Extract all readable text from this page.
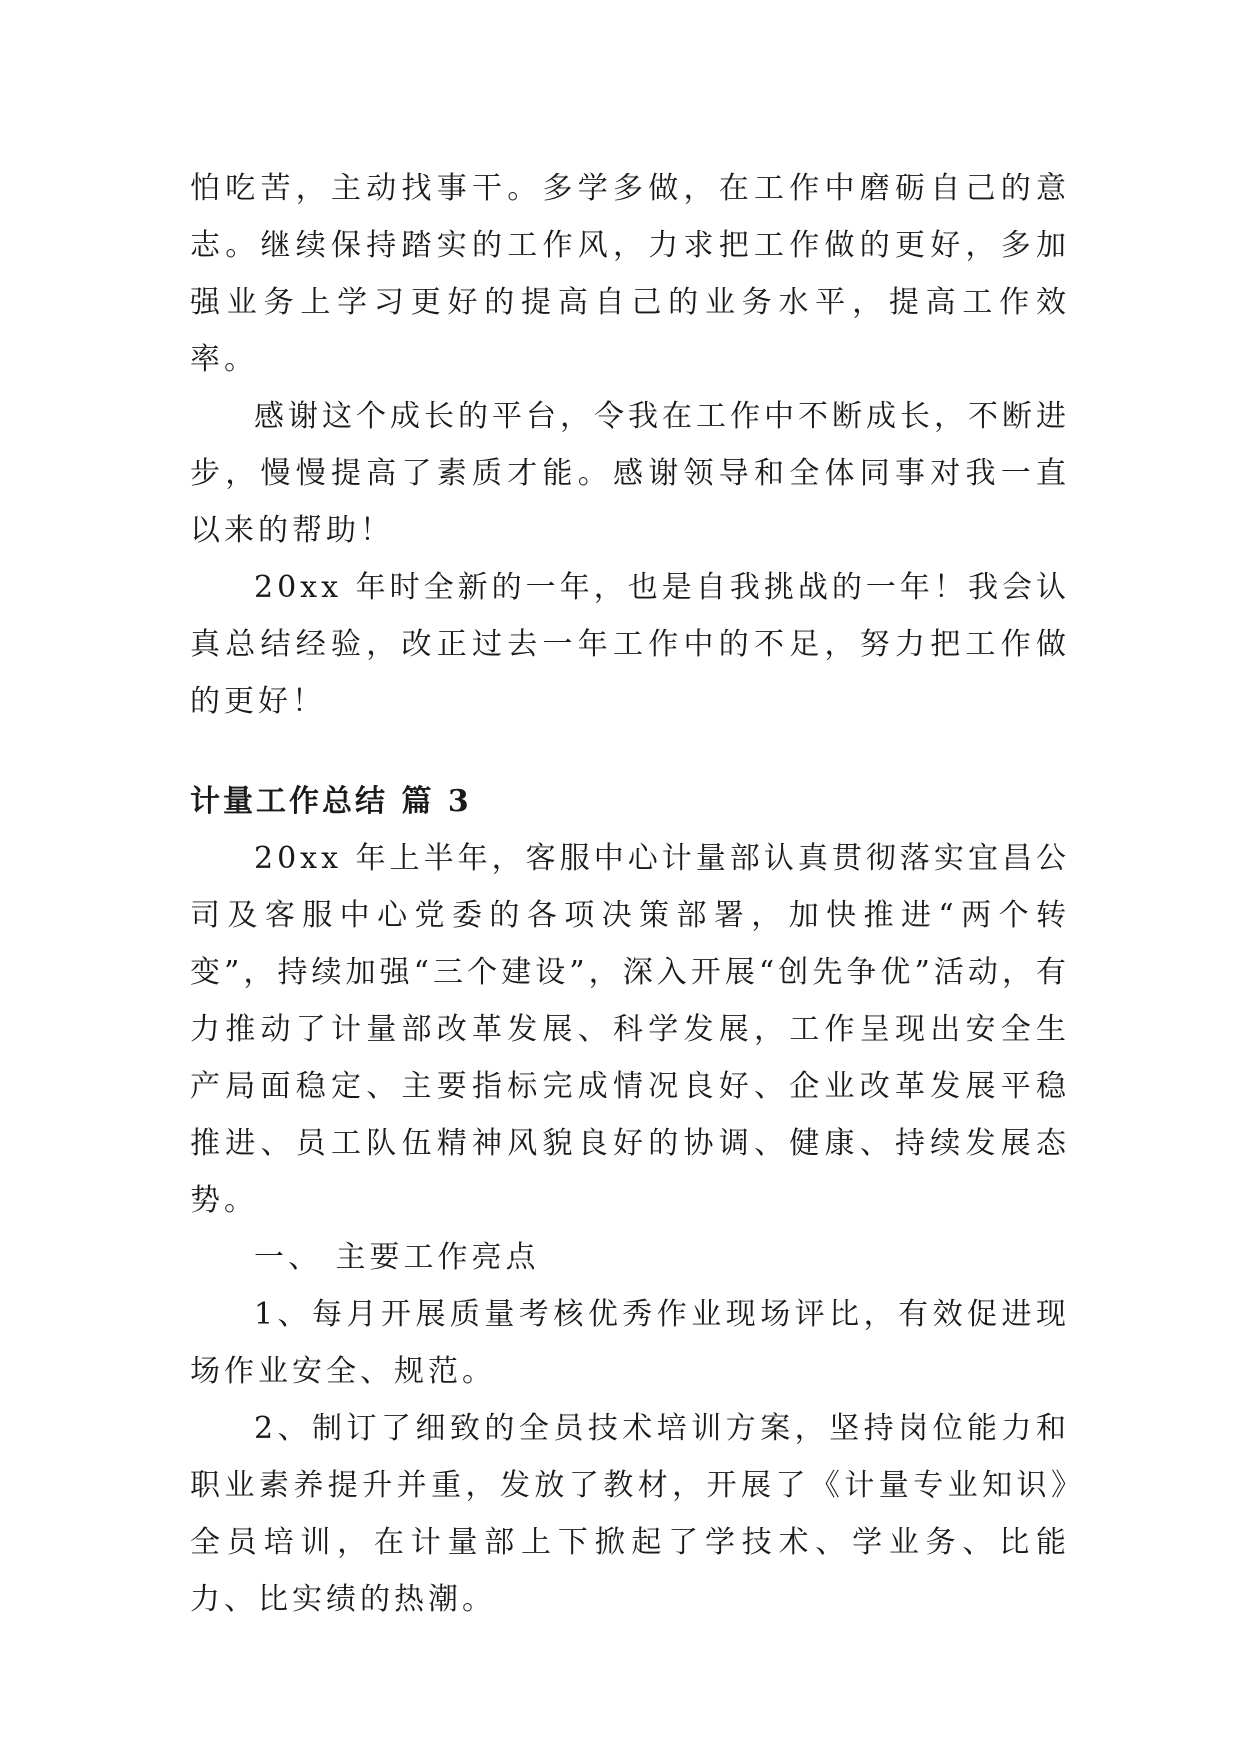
怕吃苦，主动找事干。多学多做，在工作中磨砺自己的意志。继续保持踏实的工作风，力求把工作做的更好，多加强业务上学习更好的提高自己的业务水平，提高工作效率。

感谢这个成长的平台，令我在工作中不断成长，不断进步，慢慢提高了素质才能。感谢领导和全体同事对我一直以来的帮助！

20xx 年时全新的一年，也是自我挑战的一年！我会认真总结经验，改正过去一年工作中的不足，努力把工作做的更好！

计量工作总结 篇 3

20xx 年上半年，客服中心计量部认真贯彻落实宜昌公司及客服中心党委的各项决策部署，加快推进“两个转变”，持续加强“三个建设”，深入开展“创先争优”活动，有力推动了计量部改革发展、科学发展，工作呈现出安全生产局面稳定、主要指标完成情况良好、企业改革发展平稳推进、员工队伍精神风貌良好的协调、健康、持续发展态势。

一、 主要工作亮点

1、每月开展质量考核优秀作业现场评比，有效促进现场作业安全、规范。

2、制订了细致的全员技术培训方案，坚持岗位能力和职业素养提升并重，发放了教材，开展了《计量专业知识》全员培训，在计量部上下掀起了学技术、学业务、比能力、比实绩的热潮。
